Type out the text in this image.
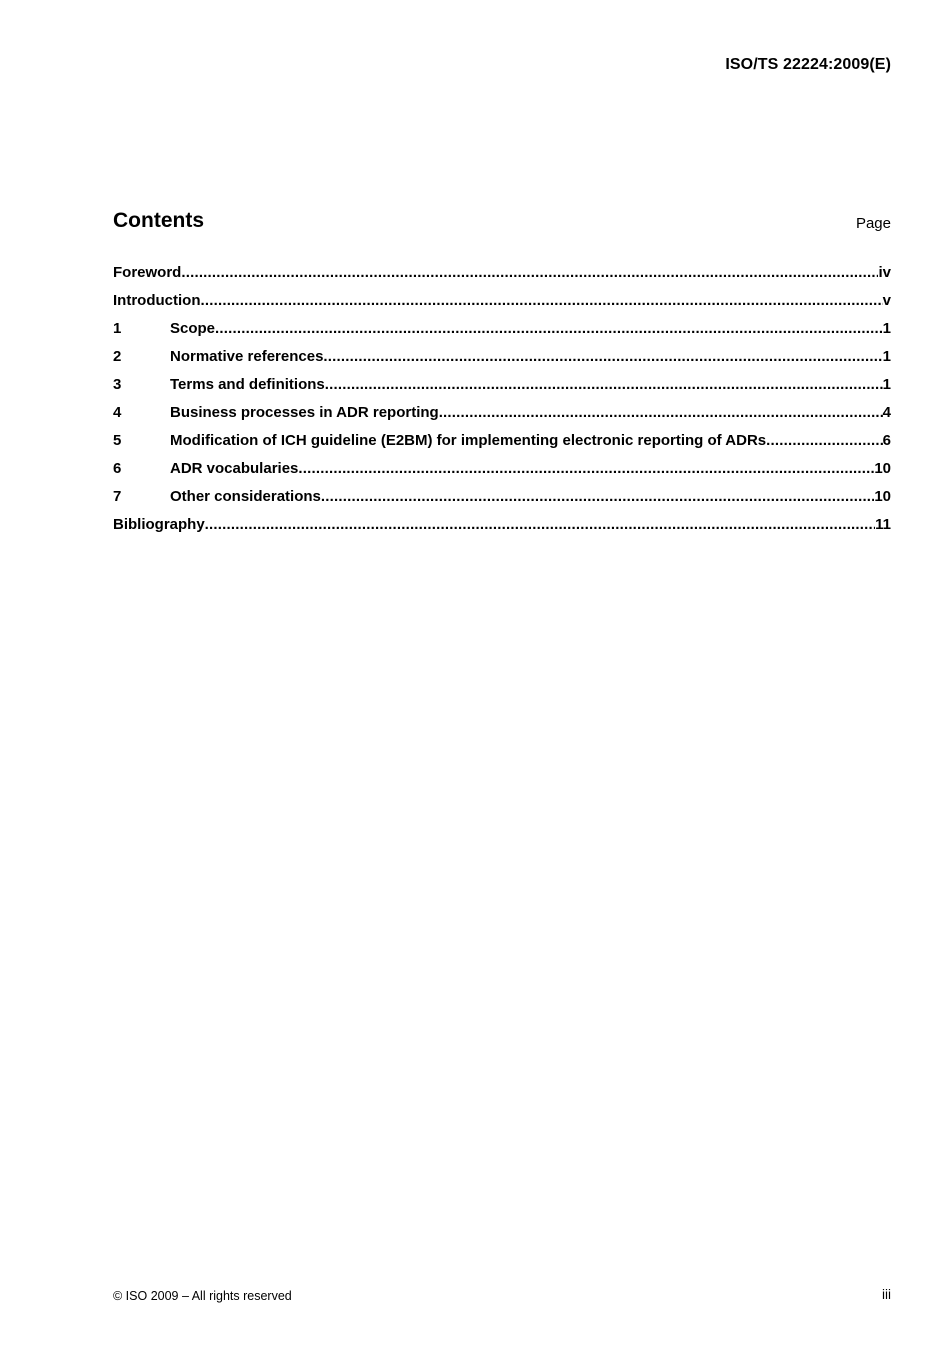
ISO/TS 22224:2009(E)
Contents	Page
Foreword .....	iv
Introduction .....	v
1	Scope .....	1
2	Normative references .....	1
3	Terms and definitions .....	1
4	Business processes in ADR reporting .....	4
5	Modification of ICH guideline (E2BM) for implementing electronic reporting of ADRs .....	6
6	ADR vocabularies .....	10
7	Other considerations .....	10
Bibliography .....	11
© ISO 2009 – All rights reserved	iii
